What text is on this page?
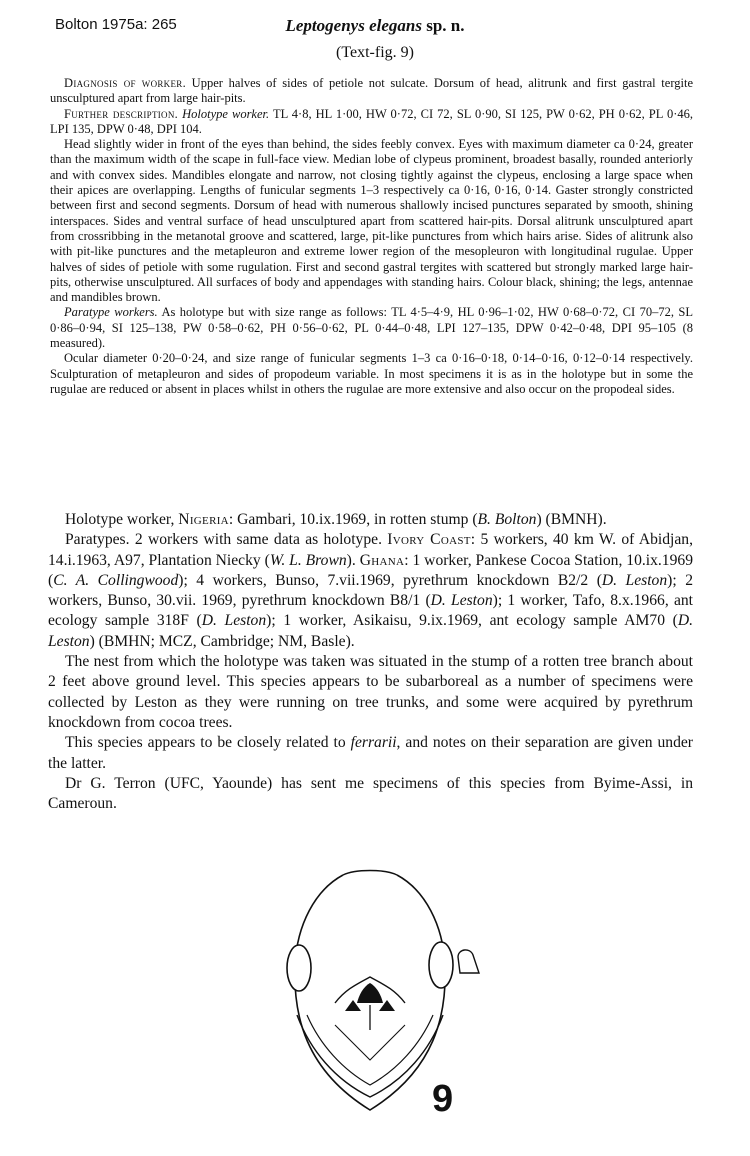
Bolton 1975a: 265	Leptogenys elegans sp. n.
(Text-fig. 9)

Diagnosis of worker. Upper halves of sides of petiole not sulcate. Dorsum of head, alitrunk and first gastral tergite unsculptured apart from large hair-pits.

Further description. Holotype worker. TL 4·8, HL 1·00, HW 0·72, CI 72, SL 0·90, SI 125, PW 0·62, PH 0·62, PL 0·46, LPI 135, DPW 0·48, DPI 104.

Head slightly wider in front of the eyes than behind, the sides feebly convex. Eyes with maximum diameter ca 0·24, greater than the maximum width of the scape in full-face view. Median lobe of clypeus prominent, broadest basally, rounded anteriorly and with convex sides. Mandibles elongate and narrow, not closing tightly against the clypeus, enclosing a large space when their apices are overlapping. Lengths of funicular segments 1–3 respectively ca 0·16, 0·16, 0·14. Gaster strongly constricted between first and second segments. Dorsum of head with numerous shallowly incised punctures separated by smooth, shining interspaces. Sides and ventral surface of head unsculptured apart from scattered hair-pits. Dorsal alitrunk unsculptured apart from crossribbing in the metanotal groove and scattered, large, pit-like punctures from which hairs arise. Sides of alitrunk also with pit-like punctures and the metapleuron and extreme lower region of the mesopleuron with longitudinal rugulae. Upper halves of sides of petiole with some rugulation. First and second gastral tergites with scattered but strongly marked large hair-pits, otherwise unsculptured. All surfaces of body and appendages with standing hairs. Colour black, shining; the legs, antennae and mandibles brown.

Paratype workers. As holotype but with size range as follows: TL 4·5–4·9, HL 0·96–1·02, HW 0·68–0·72, CI 70–72, SL 0·86–0·94, SI 125–138, PW 0·58–0·62, PH 0·56–0·62, PL 0·44–0·48, LPI 127–135, DPW 0·42–0·48, DPI 95–105 (8 measured).

Ocular diameter 0·20–0·24, and size range of funicular segments 1–3 ca 0·16–0·18, 0·14–0·16, 0·12–0·14 respectively. Sculpturation of metapleuron and sides of propodeum variable. In most specimens it is as in the holotype but in some the rugulae are reduced or absent in places whilst in others the rugulae are more extensive and also occur on the propodeal sides.

Holotype worker, Nigeria: Gambari, 10.ix.1969, in rotten stump (B. Bolton) (BMNH).

Paratypes. 2 workers with same data as holotype. Ivory Coast: 5 workers, 40 km W. of Abidjan, 14.i.1963, A97, Plantation Niecky (W. L. Brown). Ghana: 1 worker, Pankese Cocoa Station, 10.ix.1969 (C. A. Collingwood); 4 workers, Bunso, 7.vii.1969, pyrethrum knockdown B2/2 (D. Leston); 2 workers, Bunso, 30.vii. 1969, pyrethrum knockdown B8/1 (D. Leston); 1 worker, Tafo, 8.x.1966, ant ecology sample 318F (D. Leston); 1 worker, Asikaisu, 9.ix.1969, ant ecology sample AM70 (D. Leston) (BMHN; MCZ, Cambridge; NM, Basle).

The nest from which the holotype was taken was situated in the stump of a rotten tree branch about 2 feet above ground level. This species appears to be subarboreal as a number of specimens were collected by Leston as they were running on tree trunks, and some were acquired by pyrethrum knockdown from cocoa trees.

This species appears to be closely related to ferrarii, and notes on their separation are given under the latter.

Dr G. Terron (UFC, Yaounde) has sent me specimens of this species from Byime-Assi, in Cameroun.

9
